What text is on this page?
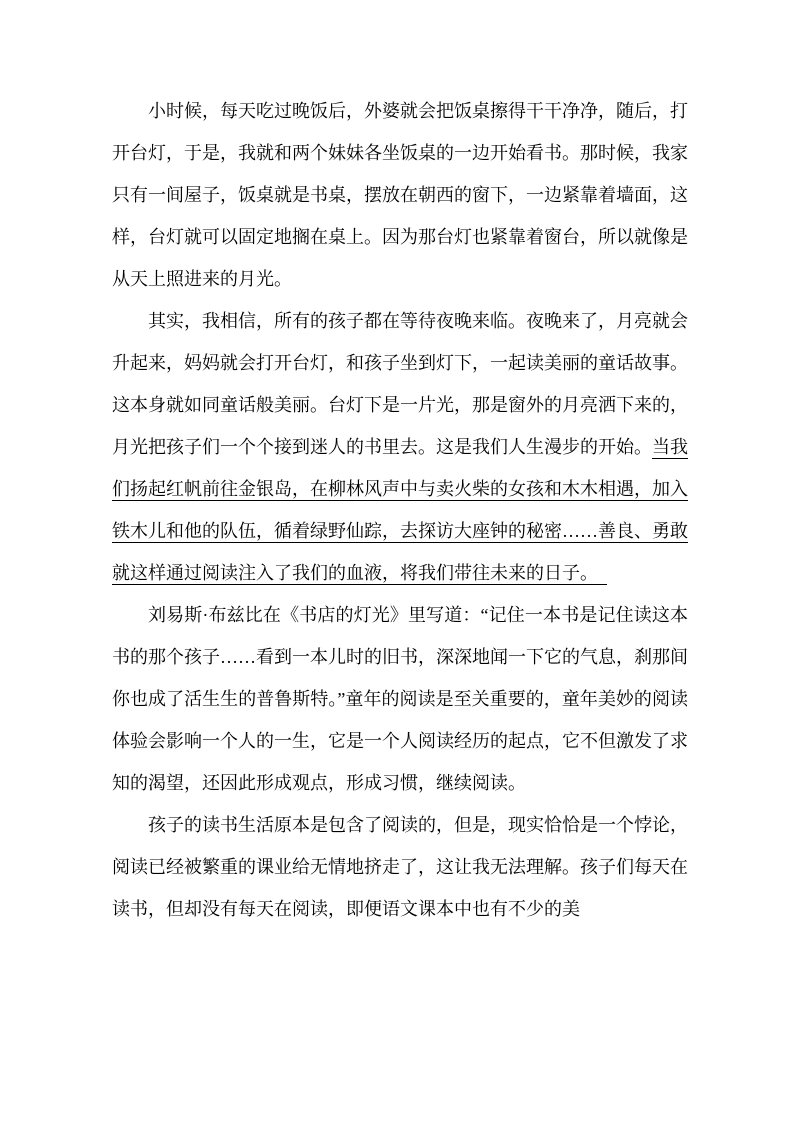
小时候，每天吃过晚饭后，外婆就会把饭桌擦得干干净净，随后，打开台灯，于是，我就和两个妹妹各坐饭桌的一边开始看书。那时候，我家只有一间屋子，饭桌就是书桌，摆放在朝西的窗下，一边紧靠着墙面，这样，台灯就可以固定地搁在桌上。因为那台灯也紧靠着窗台，所以就像是从天上照进来的月光。

其实，我相信，所有的孩子都在等待夜晚来临。夜晚来了，月亮就会升起来，妈妈就会打开台灯，和孩子坐到灯下，一起读美丽的童话故事。这本身就如同童话般美丽。台灯下是一片光，那是窗外的月亮洒下来的，月光把孩子们一个个接到迷人的书里去。这是我们人生漫步的开始。当我们扬起红帆前往金银岛，在柳林风声中与卖火柴的女孩和木木相遇，加入铁木儿和他的队伍，循着绿野仙踪，去探访大座钟的秘密……善良、勇敢就这样通过阅读注入了我们的血液，将我们带往未来的日子。　

刘易斯·布兹比在《书店的灯光》里写道：“记住一本书是记住读这本书的那个孩子……看到一本儿时的旧书，深深地闻一下它的气息，刹那间你也成了活生生的普鲁斯特。”童年的阅读是至关重要的，童年美妙的阅读体验会影响一个人的一生，它是一个人阅读经历的起点，它不但激发了求知的渴望，还因此形成观点，形成习惯，继续阅读。

孩子的读书生活原本是包含了阅读的，但是，现实恰恰是一个悖论，阅读已经被繁重的课业给无情地挤走了，这让我无法理解。孩子们每天在读书，但却没有每天在阅读，即便语文课本中也有不少的美
